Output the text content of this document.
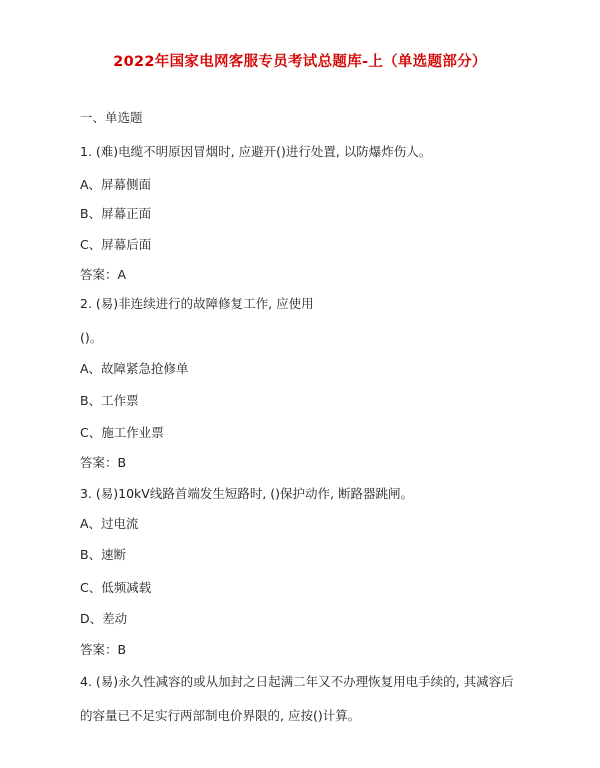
2022年国家电网客服专员考试总题库-上（单选题部分）
一、单选题
1. (难)电缆不明原因冒烟时, 应避开()进行处置, 以防爆炸伤人。
A、屏幕侧面
B、屏幕正面
C、屏幕后面
答案：A
2. (易)非连续进行的故障修复工作, 应使用
()。
A、故障紧急抢修单
B、工作票
C、施工作业票
答案：B
3. (易)10kV线路首端发生短路时, ()保护动作, 断路器跳闸。
A、过电流
B、速断
C、低频减载
D、差动
答案：B
4. (易)永久性减容的或从加封之日起满二年又不办理恢复用电手续的, 其减容后
的容量已不足实行两部制电价界限的, 应按()计算。
